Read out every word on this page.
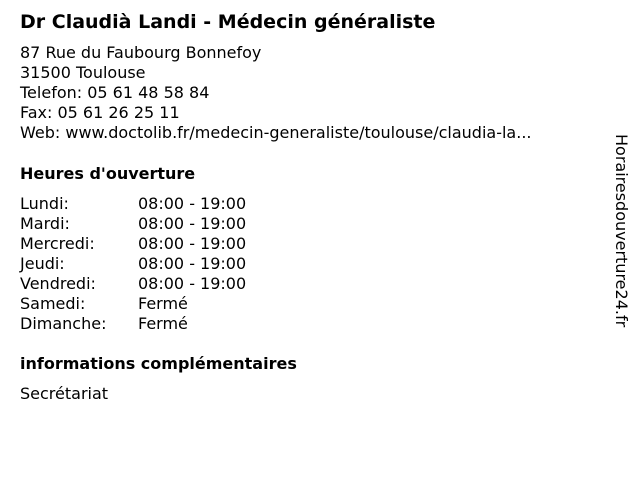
Dr Claudià Landi - Médecin généraliste
87 Rue du Faubourg Bonnefoy
31500 Toulouse
Telefon: 05 61 48 58 84
Fax: 05 61 26 25 11
Web: www.doctolib.fr/medecin-generaliste/toulouse/claudia-la...
Heures d'ouverture
Lundi:	08:00 - 19:00
Mardi:	08:00 - 19:00
Mercredi:	08:00 - 19:00
Jeudi:	08:00 - 19:00
Vendredi:	08:00 - 19:00
Samedi:	Fermé
Dimanche: Fermé
informations complémentaires
Secrétariat
Horairesdouverture24.fr
